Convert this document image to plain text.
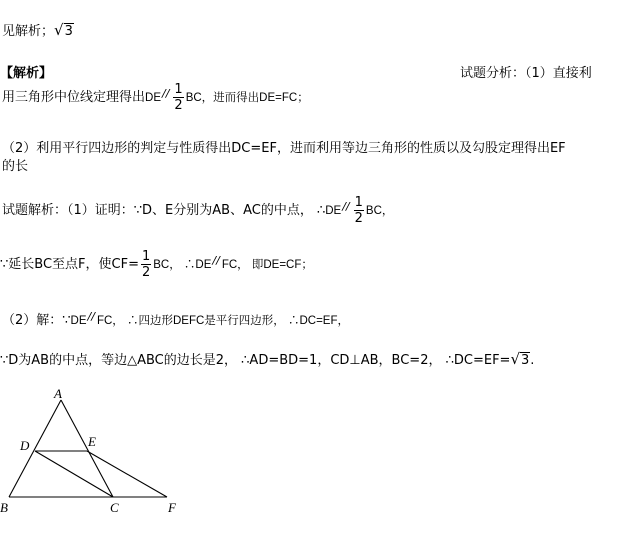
见解析；√3
【解析】	试题分析：（1）直接利
用三角形中位线定理得出$DE// \frac{1}{2}$ BC，进而得出DE=FC；
（2）利用平行四边形的判定与性质得出DC=EF，进而利用等边三角形的性质以及勾股定理得出EF
的长
试题解析：（1）证明：∵D、E分别为AB、AC的中点， ∴DE// $\frac{1}{2}$ BC，
∵延长BC至点F，使$CF= \frac{1}{2}$ BC， ∴DE// FC， 即DE=CF；
（2）解：∵DE// FC， ∴四边形DEFC是平行四边形， ∴DC=EF，
∵D为AB的中点，等边△ABC的边长是2， ∴AD=BD=1，CD⊥AB，BC=2， ∴DC=EF=√3.
A
D	E
B	C	F
